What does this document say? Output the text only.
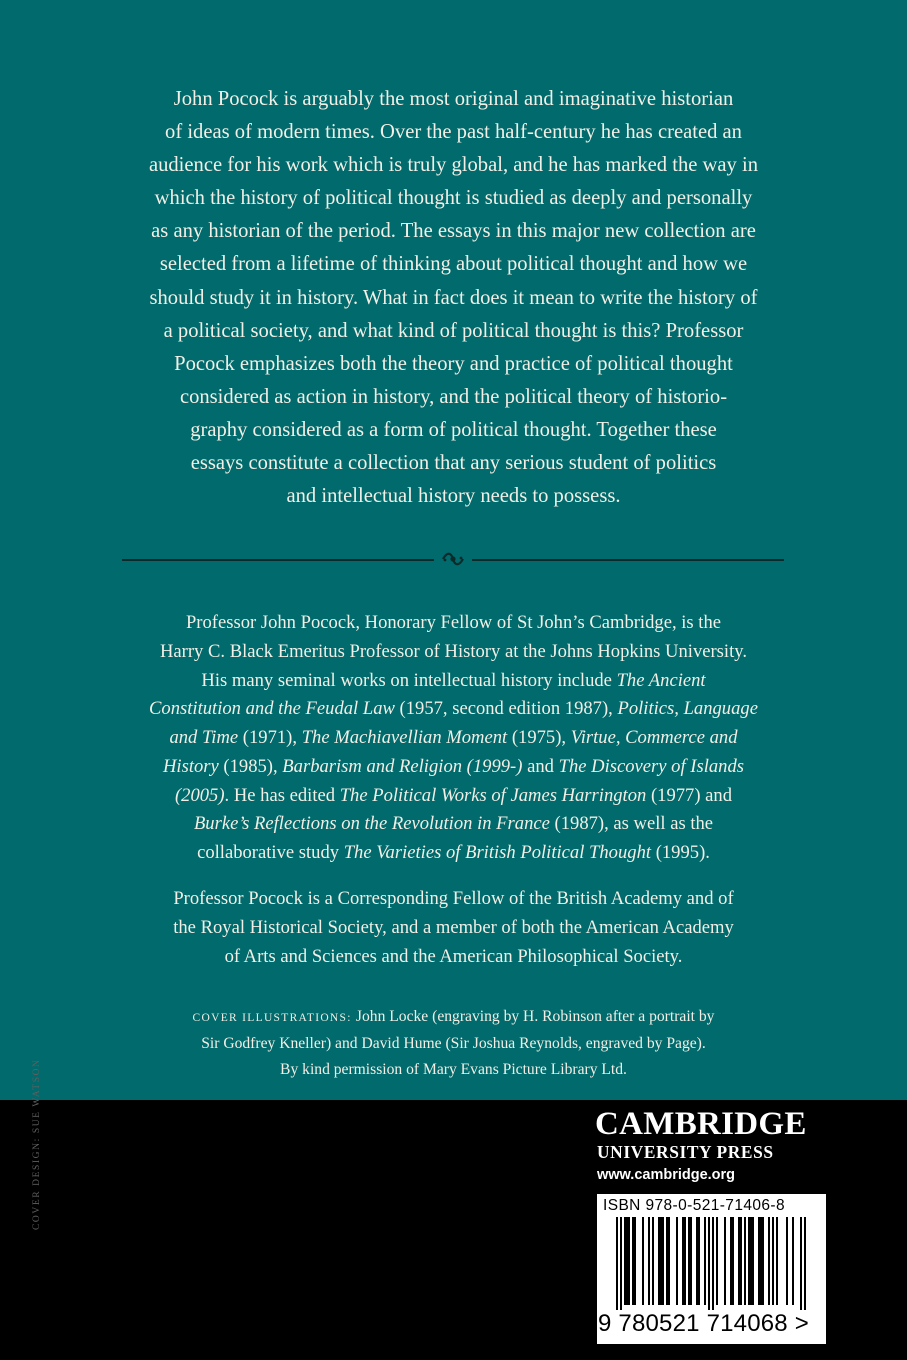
John Pocock is arguably the most original and imaginative historian
of ideas of modern times. Over the past half-century he has created an
audience for his work which is truly global, and he has marked the way in
which the history of political thought is studied as deeply and personally
as any historian of the period. The essays in this major new collection are
selected from a lifetime of thinking about political thought and how we
should study it in history. What in fact does it mean to write the history of
a political society, and what kind of political thought is this? Professor
Pocock emphasizes both the theory and practice of political thought
considered as action in history, and the political theory of historio-
graphy considered as a form of political thought. Together these
essays constitute a collection that any serious student of politics
and intellectual history needs to possess.
Professor John Pocock, Honorary Fellow of St John’s Cambridge, is the
Harry C. Black Emeritus Professor of History at the Johns Hopkins University.
His many seminal works on intellectual history include The Ancient
Constitution and the Feudal Law (1957, second edition 1987), Politics, Language
and Time (1971), The Machiavellian Moment (1975), Virtue, Commerce and
History (1985), Barbarism and Religion (1999-) and The Discovery of Islands
(2005). He has edited The Political Works of James Harrington (1977) and
Burke’s Reflections on the Revolution in France (1987), as well as the
collaborative study The Varieties of British Political Thought (1995).
Professor Pocock is a Corresponding Fellow of the British Academy and of
the Royal Historical Society, and a member of both the American Academy
of Arts and Sciences and the American Philosophical Society.
COVER ILLUSTRATIONS: John Locke (engraving by H. Robinson after a portrait by
Sir Godfrey Kneller) and David Hume (Sir Joshua Reynolds, engraved by Page).
By kind permission of Mary Evans Picture Library Ltd.
CAMBRIDGE
UNIVERSITY PRESS
www.cambridge.org
ISBN 978-0-521-71406-8
9 780521 714068 >
